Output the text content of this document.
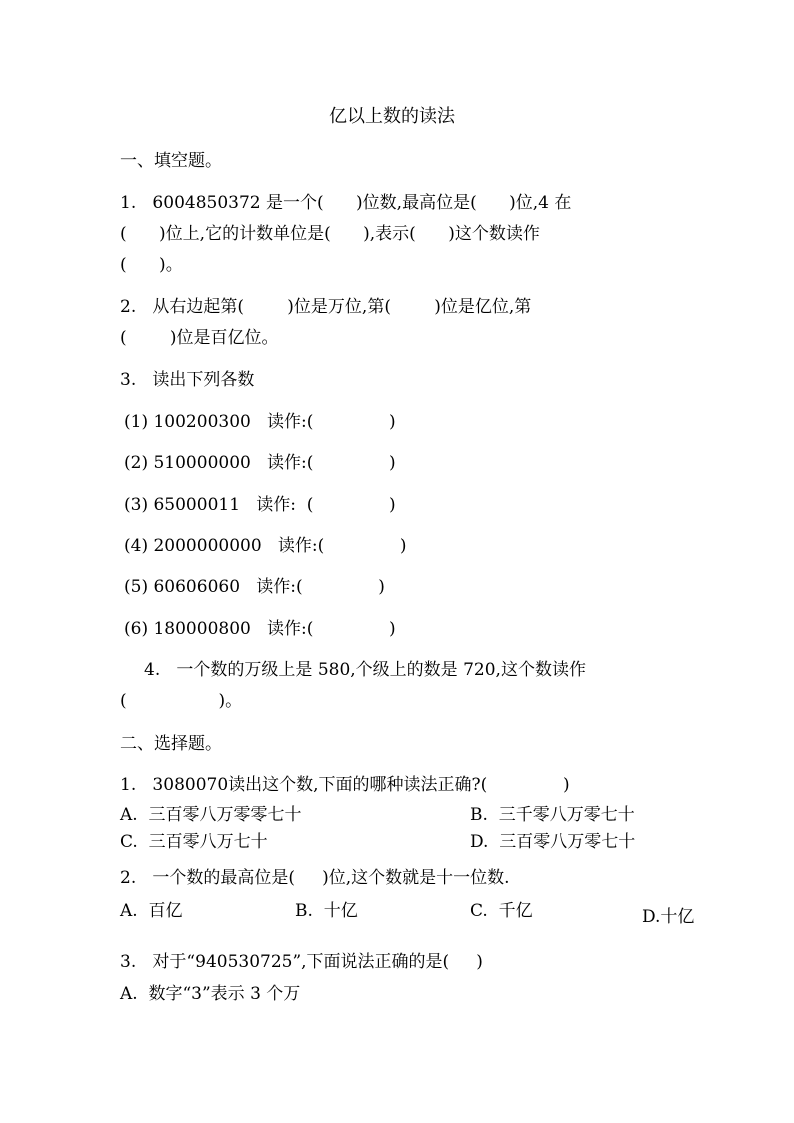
亿以上数的读法
一、填空题。
1.   6004850372 是一个(      )位数,最高位是(      )位,4 在
(      )位上,它的计数单位是(      ),表示(      )这个数读作
(      )。
2.   从右边起第(        )位是万位,第(        )位是亿位,第
(        )位是百亿位。
3.   读出下列各数
(1) 100200300   读作:(              )
(2) 510000000   读作:(              )
(3) 65000011   读作:  (              )
(4) 2000000000   读作:(              )
(5) 60606060   读作:(              )
(6) 180000800   读作:(              )
4.   一个数的万级上是 580,个级上的数是 720,这个数读作
(                 )。
二、选择题。
1.   3080070读出这个数,下面的哪种读法正确?(              )
A.  三百零八万零零七十	B.  三千零八万零七十
C.  三百零八万七十	D.  三百零八万零七十
2.   一个数的最高位是(     )位,这个数就是十一位数.
A.  百亿	B.  十亿	C.  千亿	D.十亿
3.   对于“940530725”,下面说法正确的是(     )
A.  数字“3”表示 3 个万
